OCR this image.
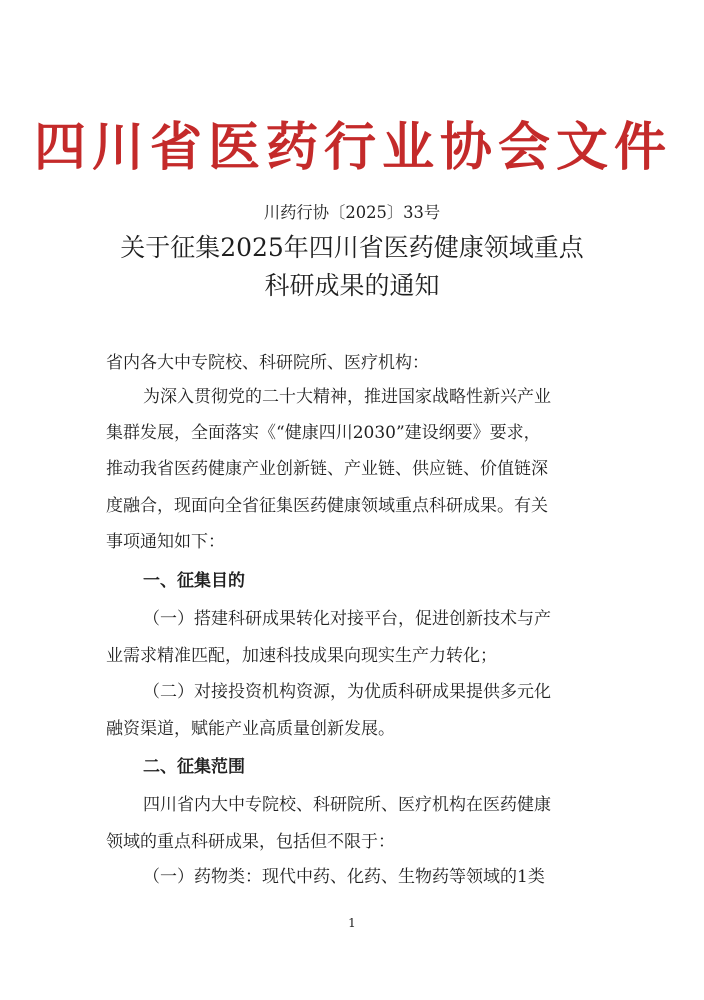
四川省医药行业协会文件
川药行协〔2025〕33号
关于征集2025年四川省医药健康领域重点
科研成果的通知
省内各大中专院校、科研院所、医疗机构：
为深入贯彻党的二十大精神，推进国家战略性新兴产业
集群发展，全面落实《“健康四川2030”建设纲要》要求，
推动我省医药健康产业创新链、产业链、供应链、价值链深
度融合，现面向全省征集医药健康领域重点科研成果。有关
事项通知如下：
一、征集目的
（一）搭建科研成果转化对接平台，促进创新技术与产
业需求精准匹配，加速科技成果向现实生产力转化；
（二）对接投资机构资源，为优质科研成果提供多元化
融资渠道，赋能产业高质量创新发展。
二、征集范围
四川省内大中专院校、科研院所、医疗机构在医药健康
领域的重点科研成果，包括但不限于：
（一）药物类：现代中药、化药、生物药等领域的1类
1
